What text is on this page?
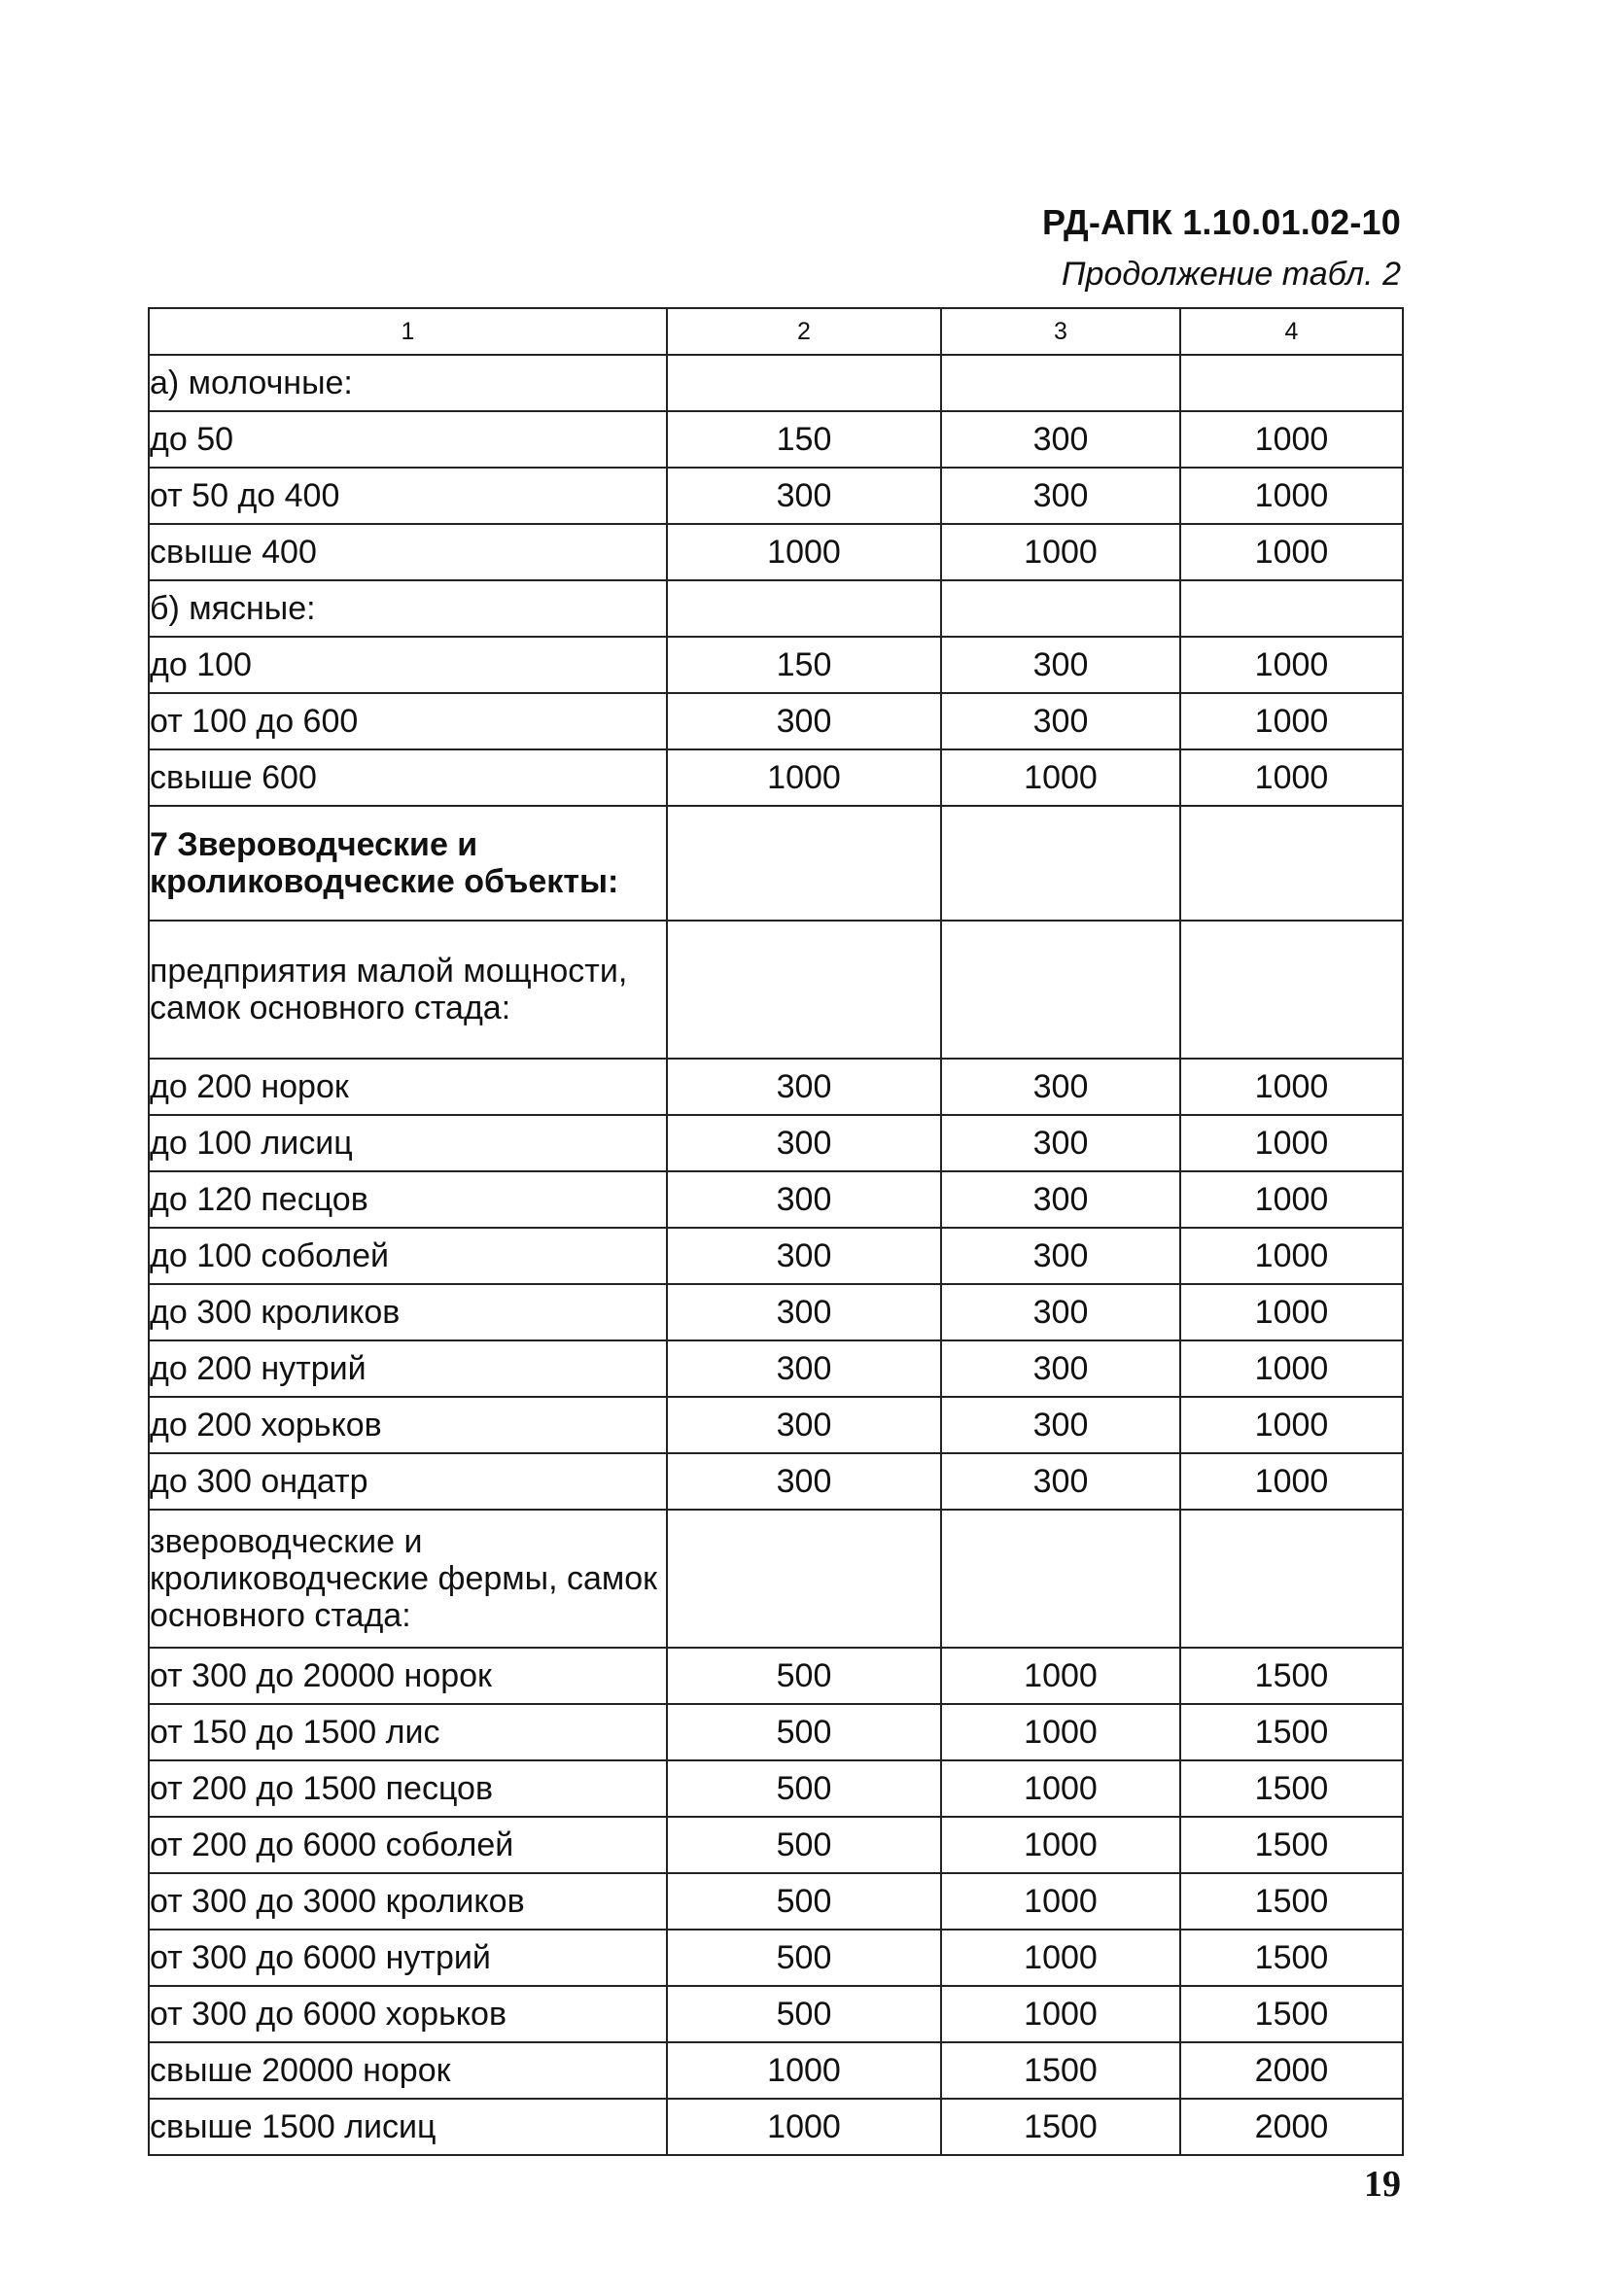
РД-АПК 1.10.01.02-10
Продолжение табл. 2
1	2	3	4
а) молочные:			
до 50	150	300	1000
от 50 до 400	300	300	1000
свыше 400	1000	1000	1000
б) мясные:			
до 100	150	300	1000
от 100 до 600	300	300	1000
свыше 600	1000	1000	1000
7 Звероводческие и кролиководческие объекты:			
предприятия малой мощности, самок основного стада:			
до 200 норок	300	300	1000
до 100 лисиц	300	300	1000
до 120 песцов	300	300	1000
до 100 соболей	300	300	1000
до 300 кроликов	300	300	1000
до 200 нутрий	300	300	1000
до 200 хорьков	300	300	1000
до 300 ондатр	300	300	1000
звероводческие и кролиководческие фермы, самок основного стада:			
от 300 до 20000 норок	500	1000	1500
от 150 до 1500 лис	500	1000	1500
от 200 до 1500 песцов	500	1000	1500
от 200 до 6000 соболей	500	1000	1500
от 300 до 3000 кроликов	500	1000	1500
от 300 до 6000 нутрий	500	1000	1500
от 300 до 6000 хорьков	500	1000	1500
свыше 20000 норок	1000	1500	2000
свыше 1500 лисиц	1000	1500	2000
19
